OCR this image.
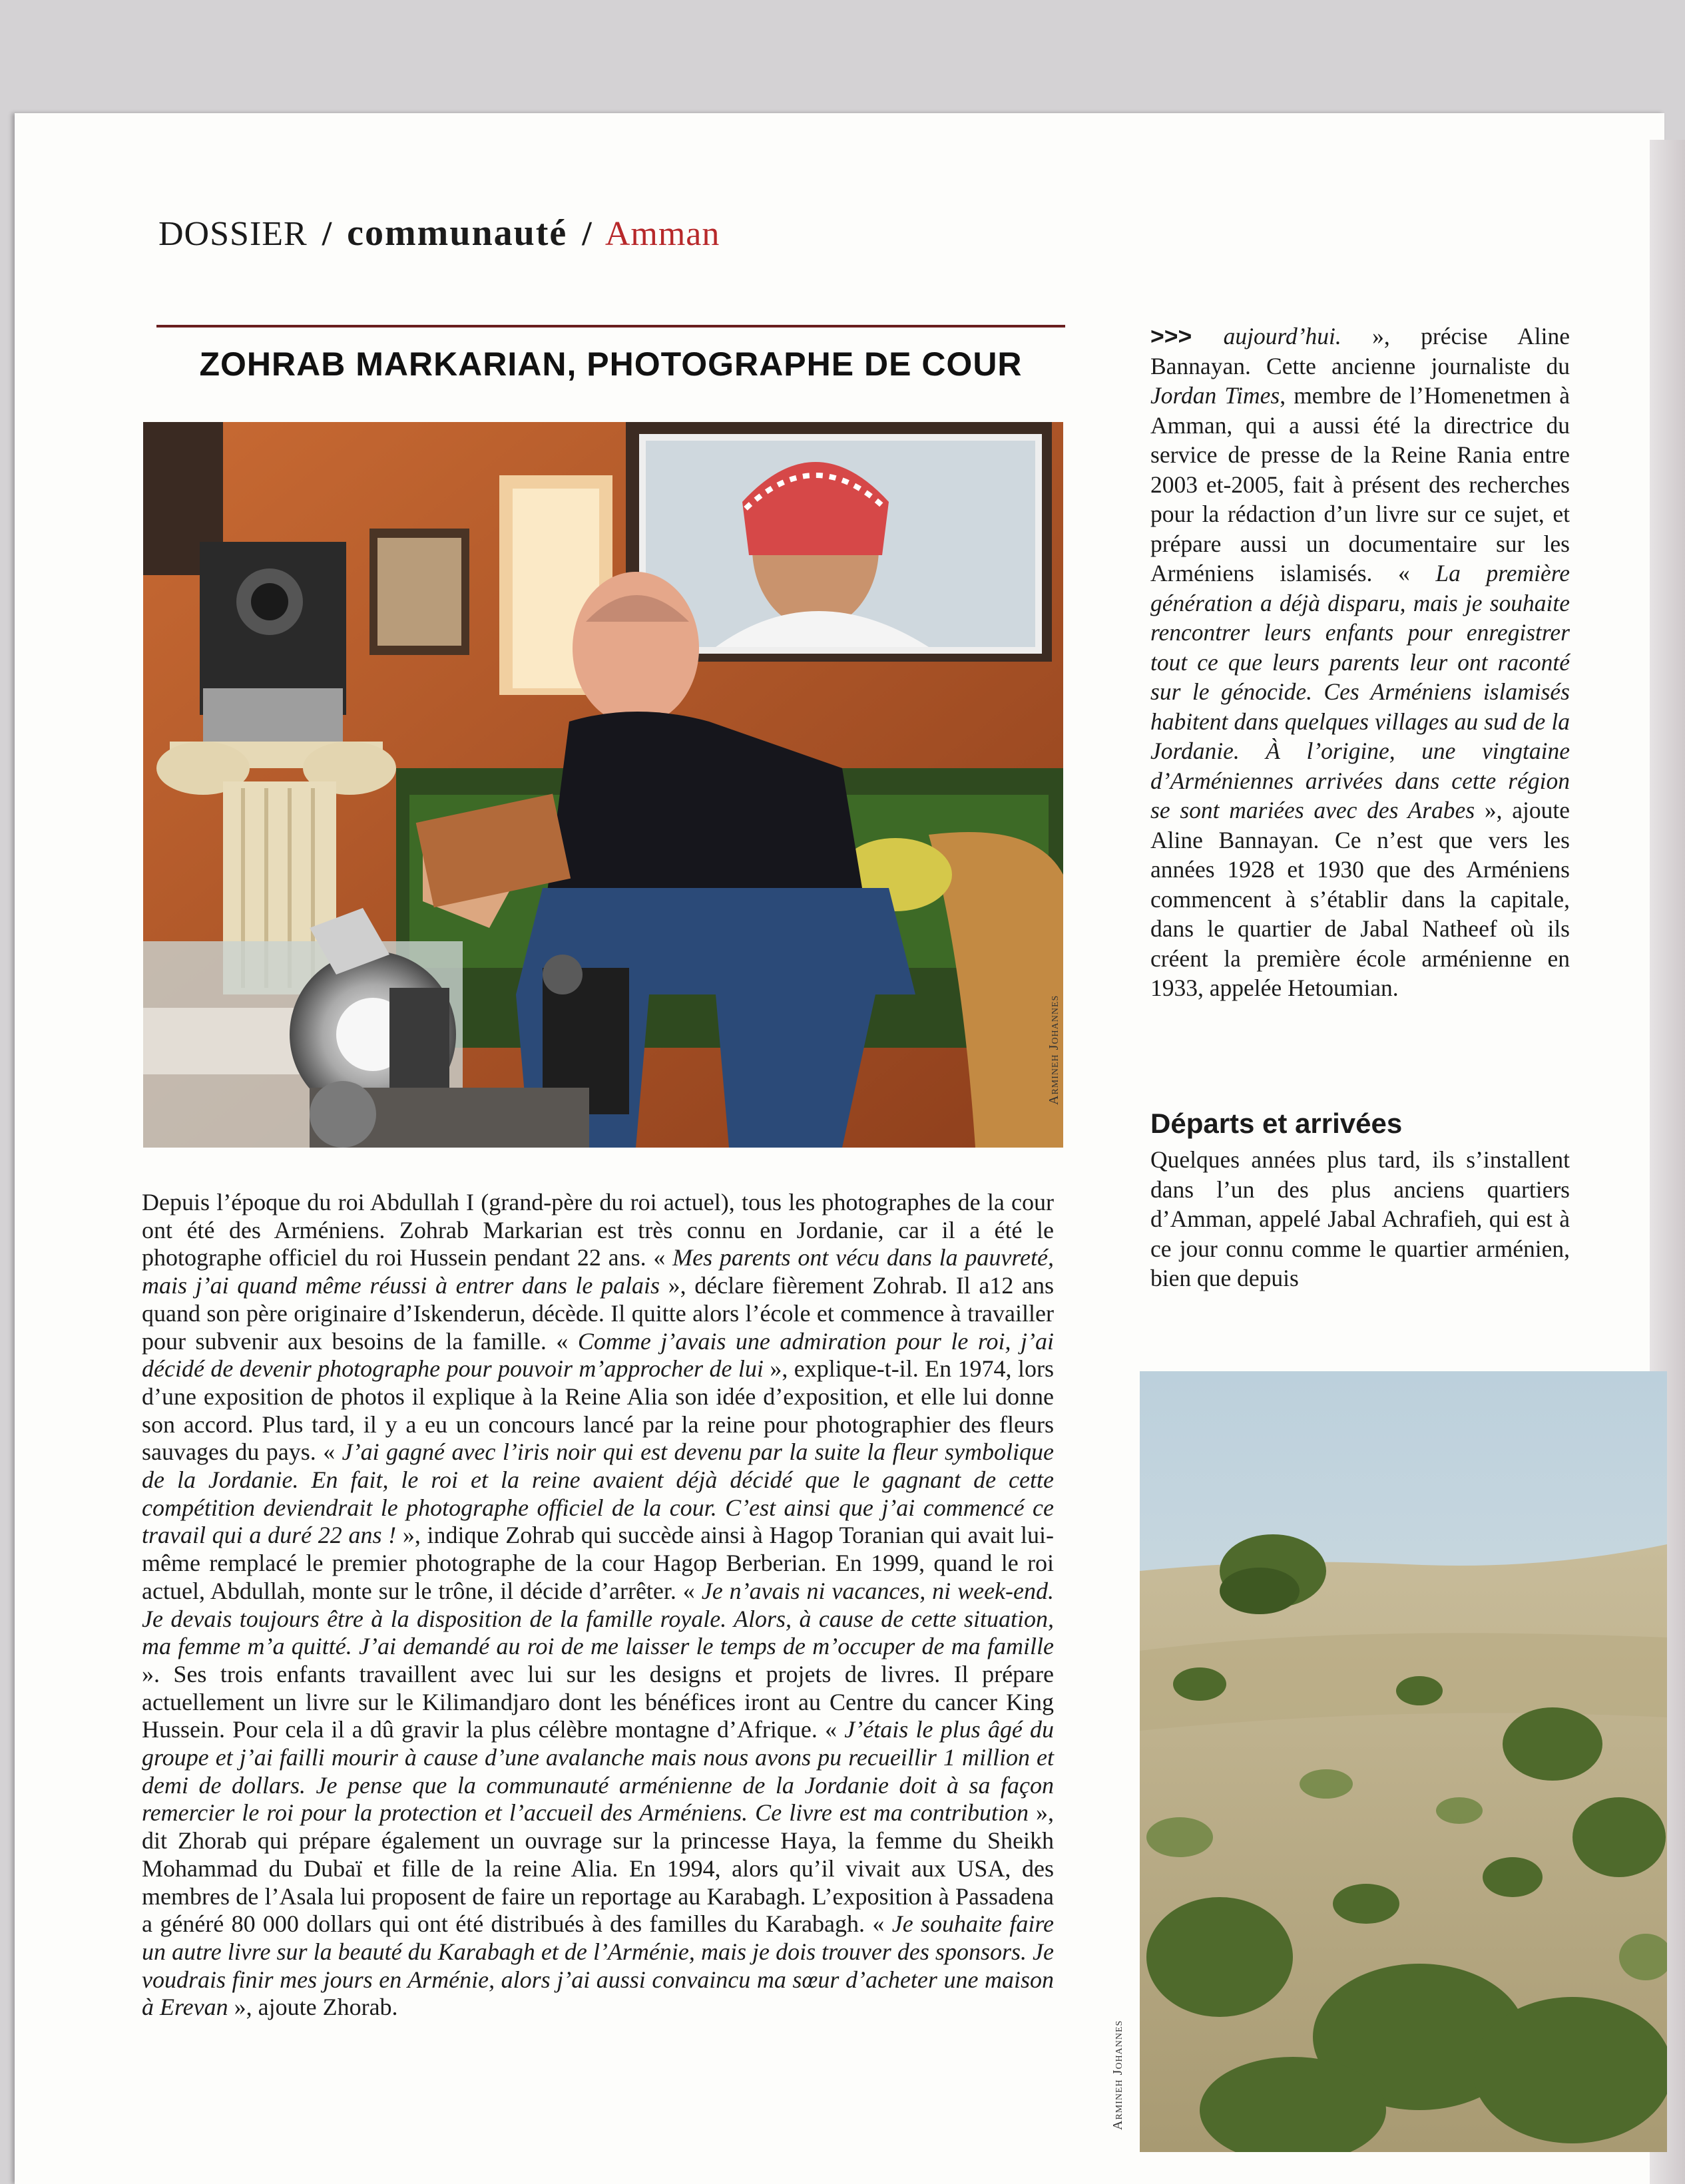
DOSSIER / communauté / Amman
ZOHRAB MARKARIAN, PHOTOGRAPHE DE COUR
Armineh Johannes
Depuis l’époque du roi Abdullah I (grand-père du roi actuel), tous les photographes de la cour ont été des Arméniens. Zohrab Markarian est très connu en Jordanie, car il a été le photographe officiel du roi Hussein pendant 22 ans. « Mes parents ont vécu dans la pauvreté, mais j’ai quand même réussi à entrer dans le palais », déclare fièrement Zohrab. Il a12 ans quand son père originaire d’Iskenderun, décède. Il quitte alors l’école et commence à travailler pour subvenir aux besoins de la famille. « Comme j’avais une admiration pour le roi, j’ai décidé de devenir photographe pour pouvoir m’approcher de lui », explique-t-il. En 1974, lors d’une exposition de photos il explique à la Reine Alia son idée d’exposition, et elle lui donne son accord. Plus tard, il y a eu un concours lancé par la reine pour photographier des fleurs sauvages du pays. « J’ai gagné avec l’iris noir qui est devenu par la suite la fleur symbolique de la Jordanie. En fait, le roi et la reine avaient déjà décidé que le gagnant de cette compétition deviendrait le photographe officiel de la cour. C’est ainsi que j’ai commencé ce travail qui a duré 22 ans ! », indique Zohrab qui succède ainsi à Hagop Toranian qui avait lui-même remplacé le premier photographe de la cour Hagop Berberian. En 1999, quand le roi actuel, Abdullah, monte sur le trône, il décide d’arrêter. « Je n’avais ni vacances, ni week-end. Je devais toujours être à la disposition de la famille royale. Alors, à cause de cette situation, ma femme m’a quitté. J’ai demandé au roi de me laisser le temps de m’occuper de ma famille ». Ses trois enfants travaillent avec lui sur les designs et projets de livres. Il prépare actuellement un livre sur le Kilimandjaro dont les bénéfices iront au Centre du cancer King Hussein. Pour cela il a dû gravir la plus célèbre montagne d’Afrique. « J’étais le plus âgé du groupe et j’ai failli mourir à cause d’une avalanche mais nous avons pu recueillir 1 million et demi de dollars. Je pense que la communauté arménienne de la Jordanie doit à sa façon remercier le roi pour la protection et l’accueil des Arméniens. Ce livre est ma contribution », dit Zhorab qui prépare également un ouvrage sur la princesse Haya, la femme du Sheikh Mohammad du Dubaï et fille de la reine Alia. En 1994, alors qu’il vivait aux USA, des membres de l’Asala lui proposent de faire un reportage au Karabagh. L’exposition à Passadena a généré 80 000 dollars qui ont été distribués à des familles du Karabagh. « Je souhaite faire un autre livre sur la beauté du Karabagh et de l’Arménie, mais je dois trouver des sponsors. Je voudrais finir mes jours en Arménie, alors j’ai aussi convaincu ma sœur d’acheter une maison à Erevan », ajoute Zhorab.
>>> aujourd’hui. », précise Aline Bannayan. Cette ancienne journaliste du Jordan Times, membre de l’Homenetmen à Amman, qui a aussi été la directrice du service de presse de la Reine Rania entre 2003 et-2005, fait à présent des recherches pour la rédaction d’un livre sur ce sujet, et prépare aussi un documentaire sur les Arméniens islamisés. « La première génération a déjà disparu, mais je souhaite rencontrer leurs enfants pour enregistrer tout ce que leurs parents leur ont raconté sur le génocide. Ces Arméniens islamisés habitent dans quelques villages au sud de la Jordanie. À l’origine, une vingtaine d’Arméniennes arrivées dans cette région se sont mariées avec des Arabes », ajoute Aline Bannayan. Ce n’est que vers les années 1928 et 1930 que des Arméniens commencent à s’établir dans la capitale, dans le quartier de Jabal Natheef où ils créent la première école arménienne en 1933, appelée Hetoumian.
Départs et arrivées
Quelques années plus tard, ils s’installent dans l’un des plus anciens quartiers d’Amman, appelé Jabal Achrafieh, qui est à ce jour connu comme le quartier arménien, bien que depuis
Armineh Johannes
